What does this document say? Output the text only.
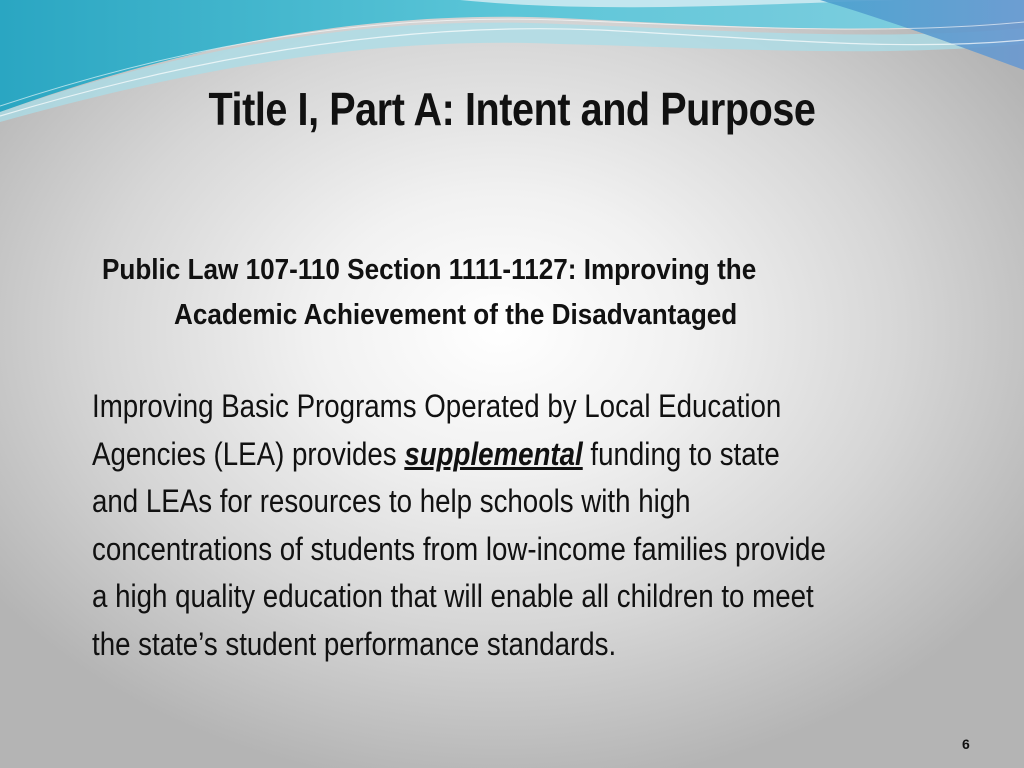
Title I, Part A: Intent and Purpose
Public Law 107-110 Section 1111-1127: Improving the
Academic Achievement of the Disadvantaged
Improving Basic Programs Operated by Local Education
Agencies (LEA) provides supplemental funding to state
and LEAs for resources to help schools with high
concentrations of students from low-income families provide
a high quality education that will enable all children to meet
the state’s student performance standards.
6
